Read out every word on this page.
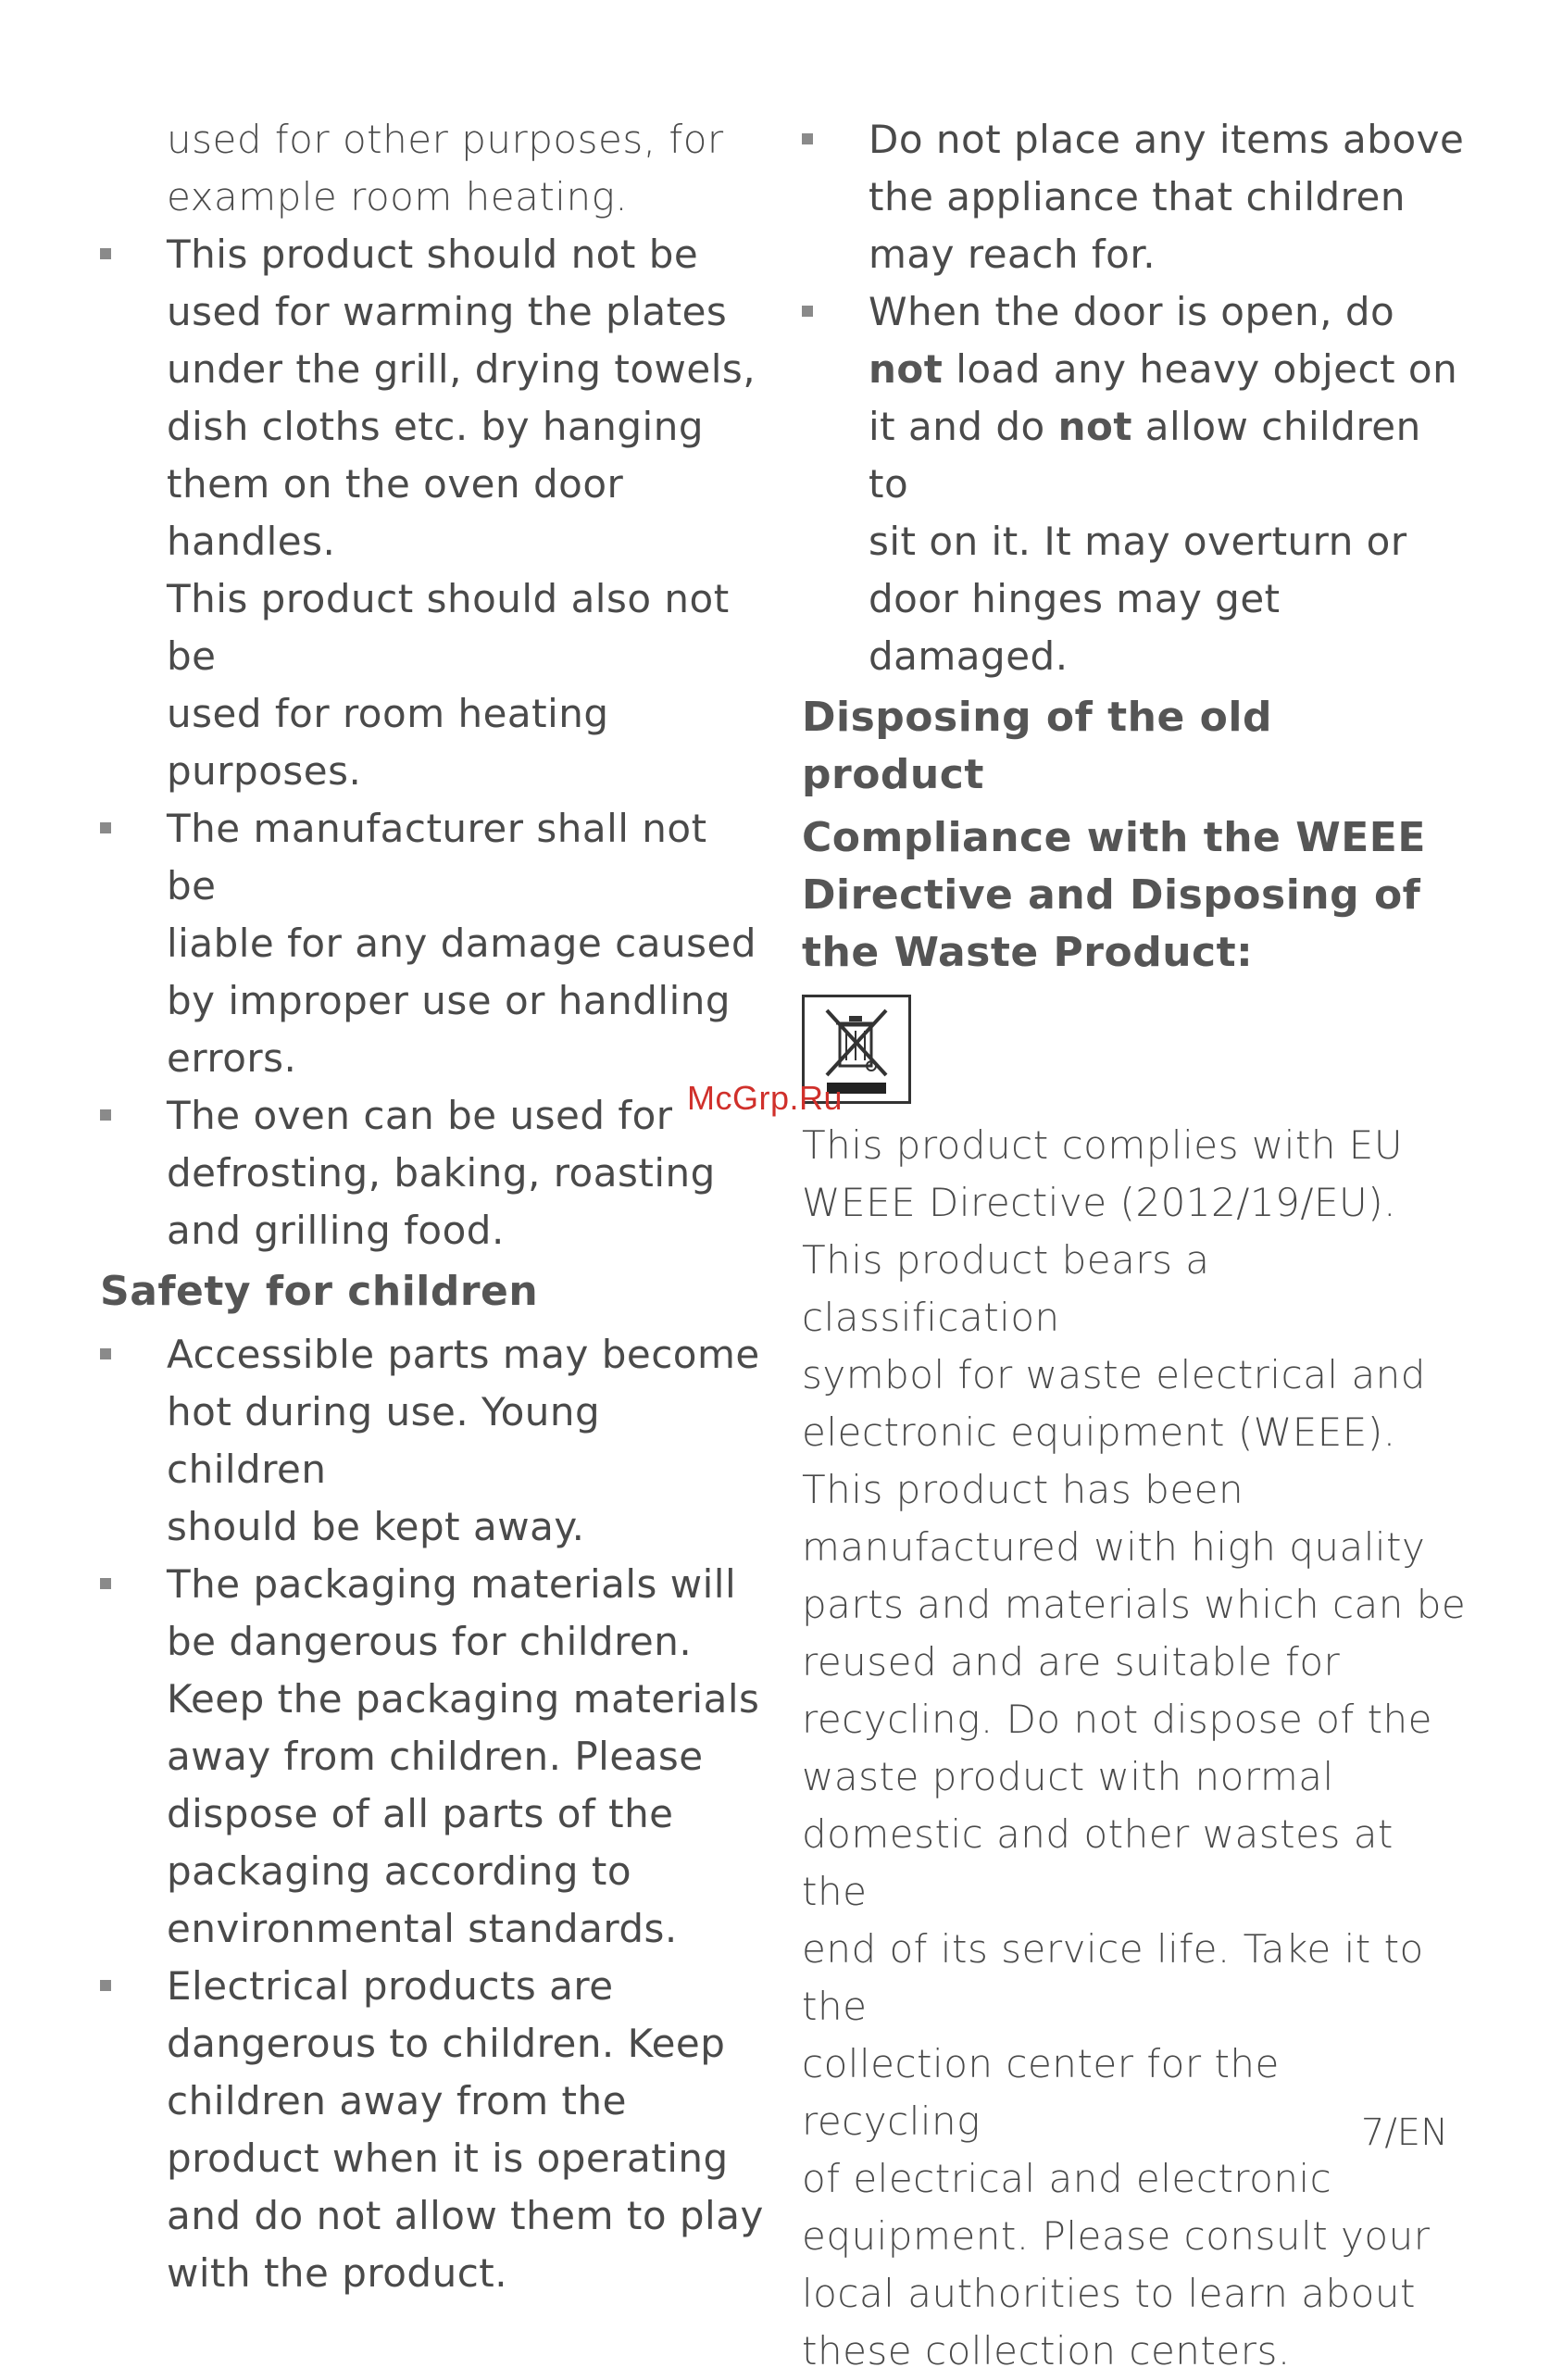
used for other purposes, for
example room heating.

This product should not be
used for warming the plates
under the grill, drying towels,
dish cloths etc. by hanging
them on the oven door handles.
This product should also not be
used for room heating
purposes.
The manufacturer shall not be
liable for any damage caused
by improper use or handling
errors.
The oven can be used for
defrosting, baking, roasting
and grilling food.
Safety for children
Accessible parts may become
hot during use. Young children
should be kept away.
The packaging materials will
be dangerous for children.
Keep the packaging materials
away from children. Please
dispose of all parts of the
packaging according to
environmental standards.
Electrical products are
dangerous to children. Keep
children away from the
product when it is operating
and do not allow them to play
with the product.
Do not place any items above
the appliance that children
may reach for.
When the door is open, do
not load any heavy object on
it and do not allow children to
sit on it. It may overturn or
door hinges may get damaged.
Disposing of the old product
Compliance with the WEEE
Directive and Disposing of
the Waste Product:

This product complies with EU
WEEE Directive (2012/19/EU).
This product bears a classification
symbol for waste electrical and
electronic equipment (WEEE).
This product has been
manufactured with high quality
parts and materials which can be
reused and are suitable for
recycling. Do not dispose of the
waste product with normal
domestic and other wastes at the
end of its service life. Take it to the
collection center for the recycling
of electrical and electronic
equipment. Please consult your
local authorities to learn about
these collection centers.

McGrp.Ru
7/EN
